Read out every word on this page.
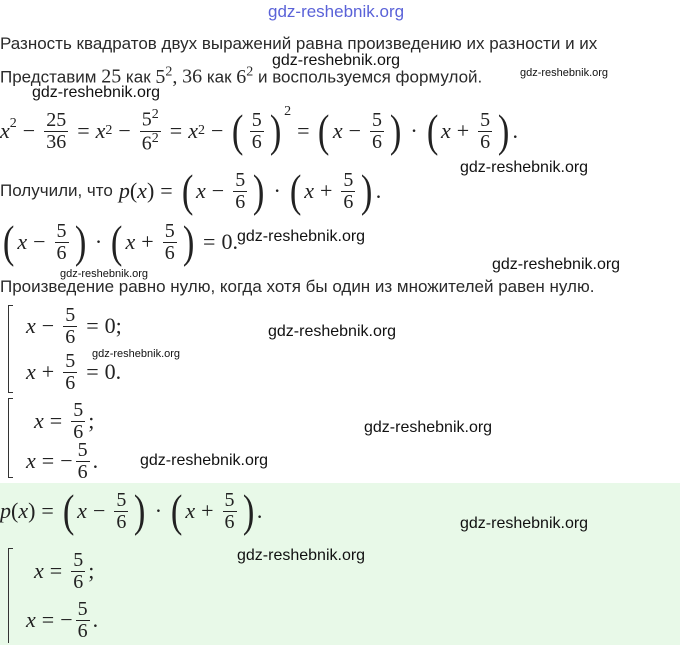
gdz-reshebnik.org
gdz-reshebnik.org
gdz-reshebnik.org
gdz-reshebnik.org
gdz-reshebnik.org
gdz-reshebnik.org
gdz-reshebnik.org
gdz-reshebnik.org
gdz-reshebnik.org
gdz-reshebnik.org
gdz-reshebnik.org
gdz-reshebnik.org
Разность квадратов двух выражений равна произведению их разности и их
Представим 25 как $5^2$, 36 как $6^2$ и воспользуемся формулой.
$x^2 - \frac{25}{36} = x$ $2 - \frac{5^2}{6^2} = x$ 2 − ( $\frac{5}{6} )^2$
= ( $x - \frac{5}{6}$ ) · ( $x + \frac{5}{6}$ ) .
Получили, что p ( x ) = ( $x - \frac{5}{6}$ ) · ( $x + \frac{5}{6}$ ) .
( $x - \frac{5}{6}$ ) · ( $x + \frac{5}{6}$ ) = 0 .
Произведение равно нулю, когда хотя бы один из множителей равен нулю.
$x - \frac{5}{6} = 0$ ;
$x + \frac{5}{6} = 0$ .
$x = \frac{5}{6}$ ;
x = − $\frac{5}{6}$ .
gdz-reshebnik.org
gdz-reshebnik.org
p ( x ) = ( $x - \frac{5}{6}$ ) · ( $x + \frac{5}{6}$ ) .
$x = \frac{5}{6}$ ;
x = − $\frac{5}{6}$ .
